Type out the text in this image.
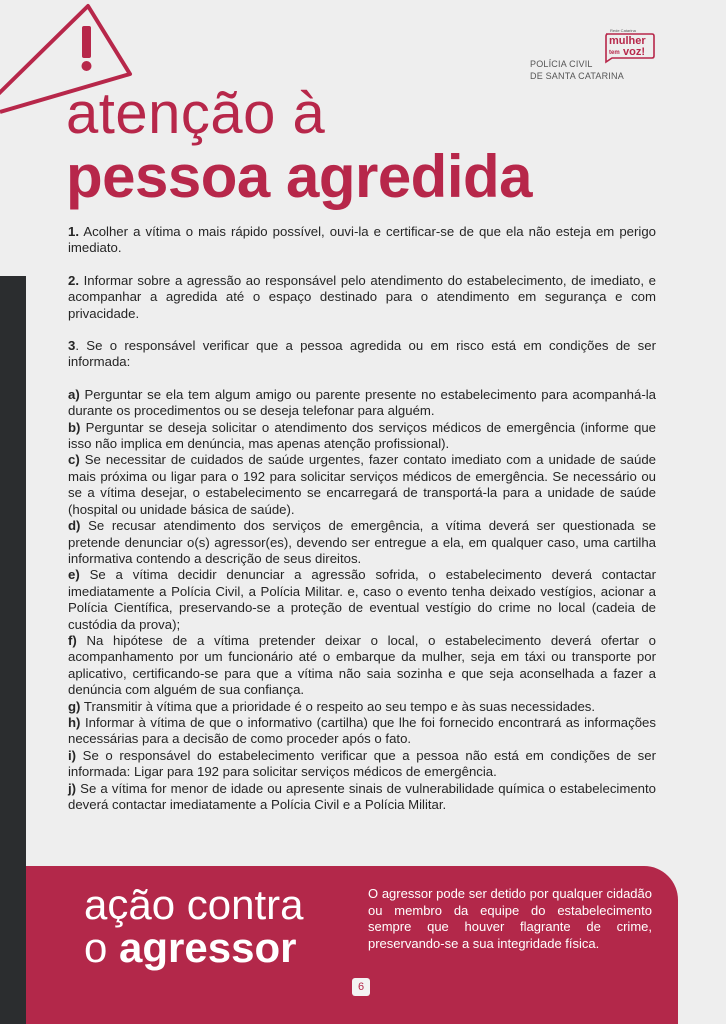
Rede Catarina
mulher
tem voz!
POLÍCIA CIVIL
DE SANTA CATARINA
atenção à
pessoa agredida

1. Acolher a vítima o mais rápido possível, ouvi-la e certificar-se de que ela não esteja em perigo imediato.

2. Informar sobre a agressão ao responsável pelo atendimento do estabelecimento, de imediato, e acompanhar a agredida até o espaço destinado para o atendimento em segurança e com privacidade.

3. Se o responsável verificar que a pessoa agredida ou em risco está em condições de ser informada:

a) Perguntar se ela tem algum amigo ou parente presente no estabelecimento para acompanhá-la durante os procedimentos ou se deseja telefonar para alguém.

b) Perguntar se deseja solicitar o atendimento dos serviços médicos de emergência (informe que isso não implica em denúncia, mas apenas atenção profissional).

c) Se necessitar de cuidados de saúde urgentes, fazer contato imediato com a unidade de saúde mais próxima ou ligar para o 192 para solicitar serviços médicos de emergência. Se necessário ou se a vítima desejar, o estabelecimento se encarregará de transportá-la para a unidade de saúde (hospital ou unidade básica de saúde).

d) Se recusar atendimento dos serviços de emergência, a vítima deverá ser questionada se pretende denunciar o(s) agressor(es), devendo ser entregue a ela, em qualquer caso, uma cartilha informativa contendo a descrição de seus direitos.

e) Se a vítima decidir denunciar a agressão sofrida, o estabelecimento deverá contactar imediatamente a Polícia Civil, a Polícia Militar. e, caso o evento tenha deixado vestígios, acionar a Polícia Científica, preservando-se a proteção de eventual vestígio do crime no local (cadeia de custódia da prova);

f) Na hipótese de a vítima pretender deixar o local, o estabelecimento deverá ofertar o acompanhamento por um funcionário até o embarque da mulher, seja em táxi ou transporte por aplicativo, certificando-se para que a vítima não saia sozinha e que seja aconselhada a fazer a denúncia com alguém de sua confiança.

g) Transmitir à vítima que a prioridade é o respeito ao seu tempo e às suas necessidades.

h) Informar à vítima de que o informativo (cartilha) que lhe foi fornecido encontrará as informações necessárias para a decisão de como proceder após o fato.

i) Se o responsável do estabelecimento verificar que a pessoa não está em condições de ser informada: Ligar para 192 para solicitar serviços médicos de emergência.

j) Se a vítima for menor de idade ou apresente sinais de vulnerabilidade química o estabelecimento deverá contactar imediatamente a Polícia Civil e a Polícia Militar.

ação contra
o agressor
O agressor pode ser detido por qualquer cidadão ou membro da equipe do estabelecimento sempre que houver flagrante de crime, preservando-se a sua integridade física.
6
